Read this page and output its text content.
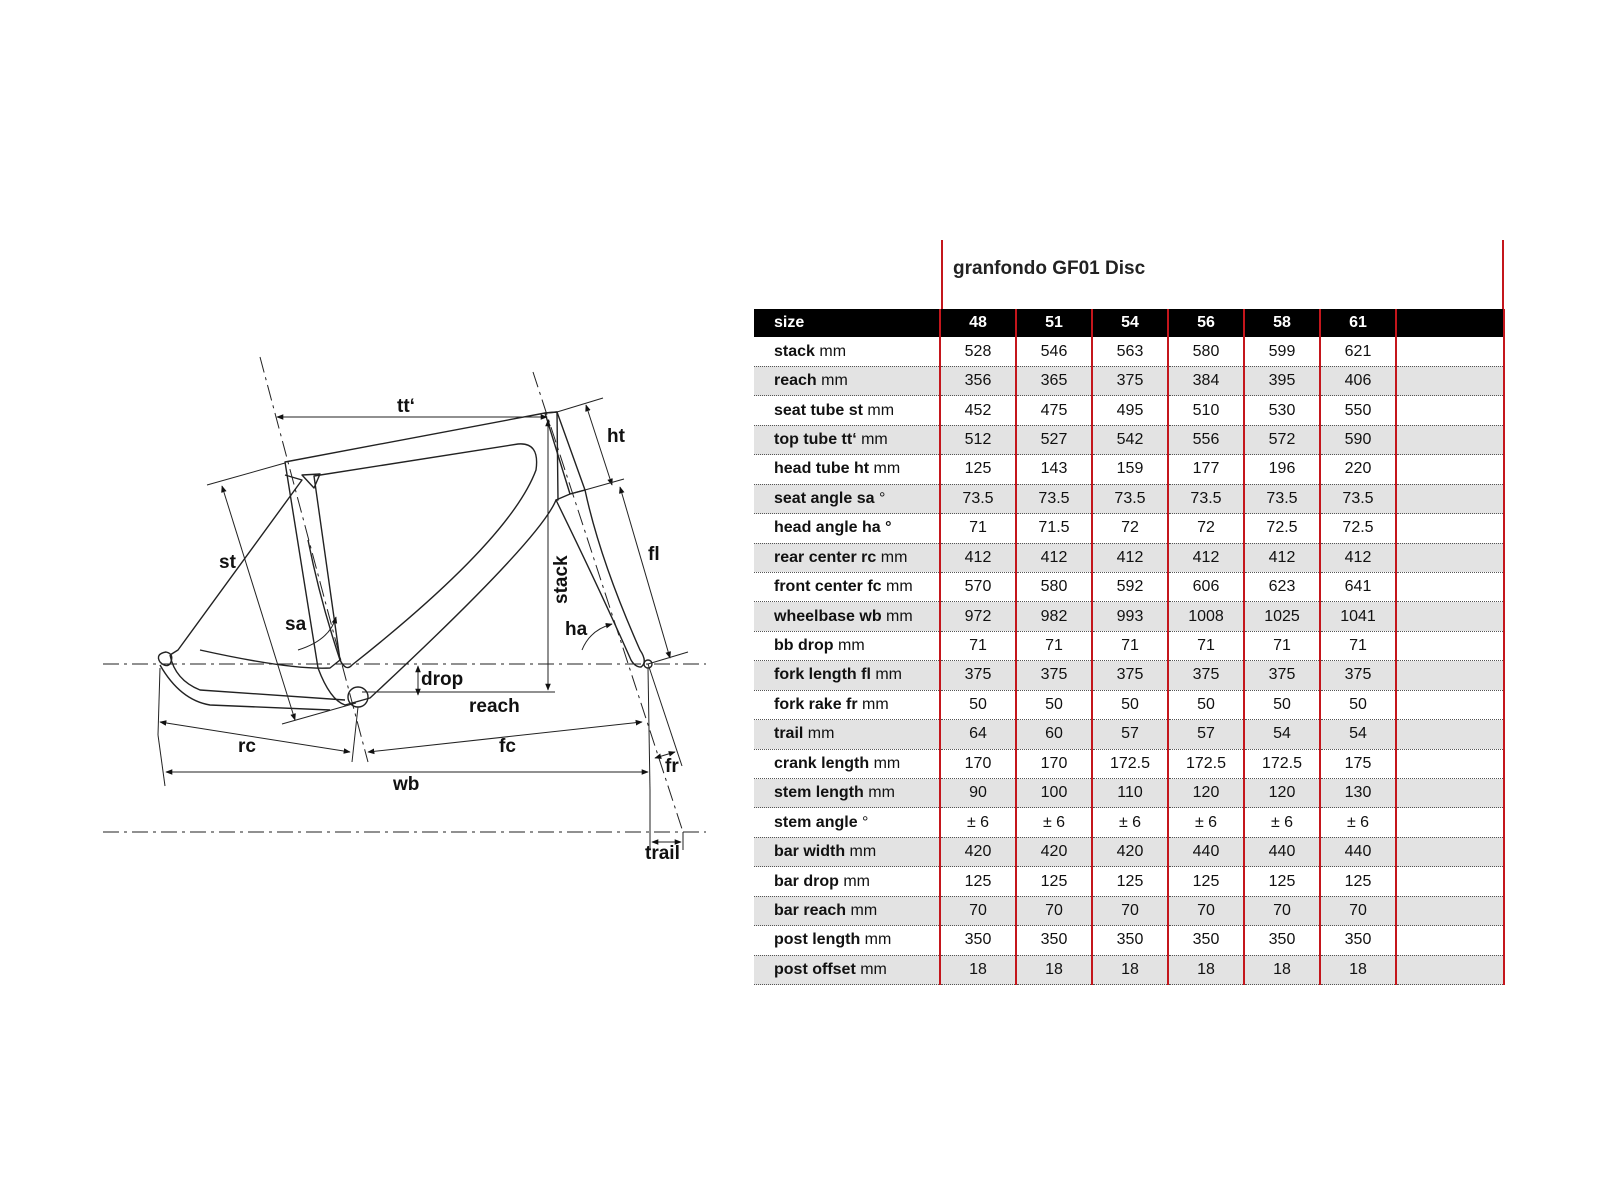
tt‘
ht
st
sa
stack
fl
ha
drop
reach
rc	fc
wb
fr
trail
granfondo GF01 Disc
size	48	51	54	56	58	61	
stack mm	528	546	563	580	599	621	
reach mm	356	365	375	384	395	406	
seat tube st mm	452	475	495	510	530	550	
top tube tt‘ mm	512	527	542	556	572	590	
head tube ht mm	125	143	159	177	196	220	
seat angle sa °	73.5	73.5	73.5	73.5	73.5	73.5	
head angle ha °	71	71.5	72	72	72.5	72.5	
rear center rc mm	412	412	412	412	412	412	
front center fc mm	570	580	592	606	623	641	
wheelbase wb mm	972	982	993	1008	1025	1041	
bb drop mm	71	71	71	71	71	71	
fork length fl mm	375	375	375	375	375	375	
fork rake fr mm	50	50	50	50	50	50	
trail mm	64	60	57	57	54	54	
crank length mm	170	170	172.5	172.5	172.5	175	
stem length mm	90	100	110	120	120	130	
stem angle °	± 6	± 6	± 6	± 6	± 6	± 6	
bar width mm	420	420	420	440	440	440	
bar drop mm	125	125	125	125	125	125	
bar reach mm	70	70	70	70	70	70	
post length mm	350	350	350	350	350	350	
post offset mm	18	18	18	18	18	18	
